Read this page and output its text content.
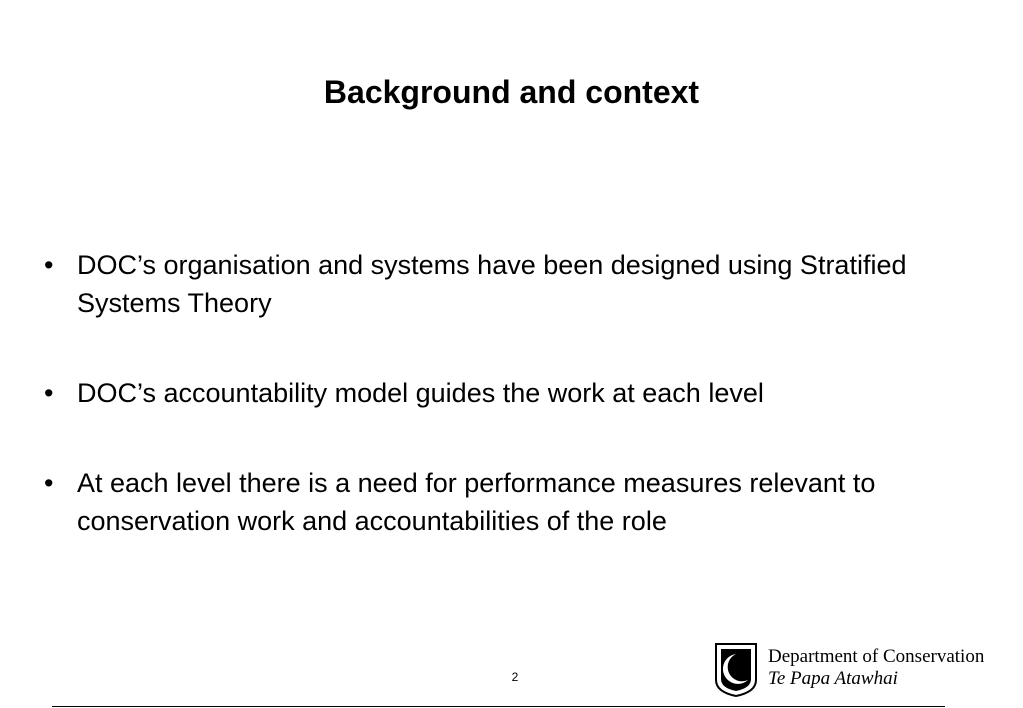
Background and context
• DOC’s organisation and systems have been designed using Stratified Systems Theory
• DOC’s accountability model guides the work at each level
• At each level there is a need for performance measures relevant to conservation work and accountabilities of the role
2
Department of Conservation
Te Papa Atawhai
